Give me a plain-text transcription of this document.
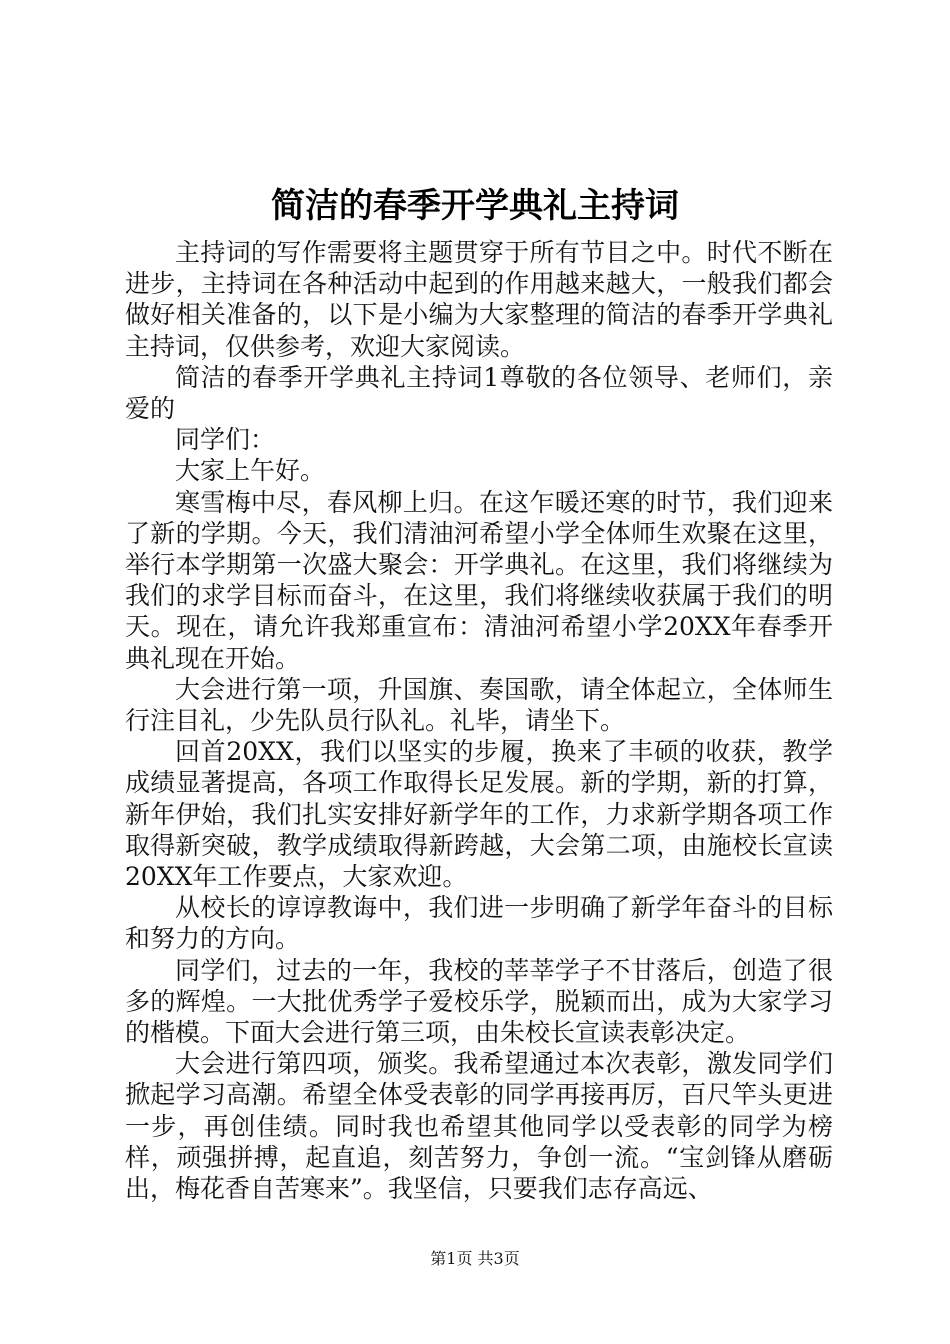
简洁的春季开学典礼主持词

主持词的写作需要将主题贯穿于所有节目之中。时代不断在进步，主持词在各种活动中起到的作用越来越大，一般我们都会做好相关准备的，以下是小编为大家整理的简洁的春季开学典礼主持词，仅供参考，欢迎大家阅读。

简洁的春季开学典礼主持词1尊敬的各位领导、老师们，亲爱的

同学们：

大家上午好。

寒雪梅中尽，春风柳上归。在这乍暖还寒的时节，我们迎来了新的学期。今天，我们清油河希望小学全体师生欢聚在这里，举行本学期第一次盛大聚会：开学典礼。在这里，我们将继续为我们的求学目标而奋斗，在这里，我们将继续收获属于我们的明天。现在，请允许我郑重宣布：清油河希望小学20XX年春季开典礼现在开始。

大会进行第一项，升国旗、奏国歌，请全体起立，全体师生行注目礼，少先队员行队礼。礼毕，请坐下。

回首20XX，我们以坚实的步履，换来了丰硕的收获，教学成绩显著提高，各项工作取得长足发展。新的学期，新的打算，新年伊始，我们扎实安排好新学年的工作，力求新学期各项工作取得新突破，教学成绩取得新跨越，大会第二项，由施校长宣读20XX年工作要点，大家欢迎。

从校长的谆谆教诲中，我们进一步明确了新学年奋斗的目标和努力的方向。

同学们，过去的一年，我校的莘莘学子不甘落后，创造了很多的辉煌。一大批优秀学子爱校乐学，脱颖而出，成为大家学习的楷模。下面大会进行第三项，由朱校长宣读表彰决定。

大会进行第四项，颁奖。我希望通过本次表彰，激发同学们掀起学习高潮。希望全体受表彰的同学再接再厉，百尺竿头更进一步，再创佳绩。同时我也希望其他同学以受表彰的同学为榜样，顽强拼搏，起直追，刻苦努力，争创一流。“宝剑锋从磨砺出，梅花香自苦寒来”。我坚信，只要我们志存高远、

第1页 共3页
